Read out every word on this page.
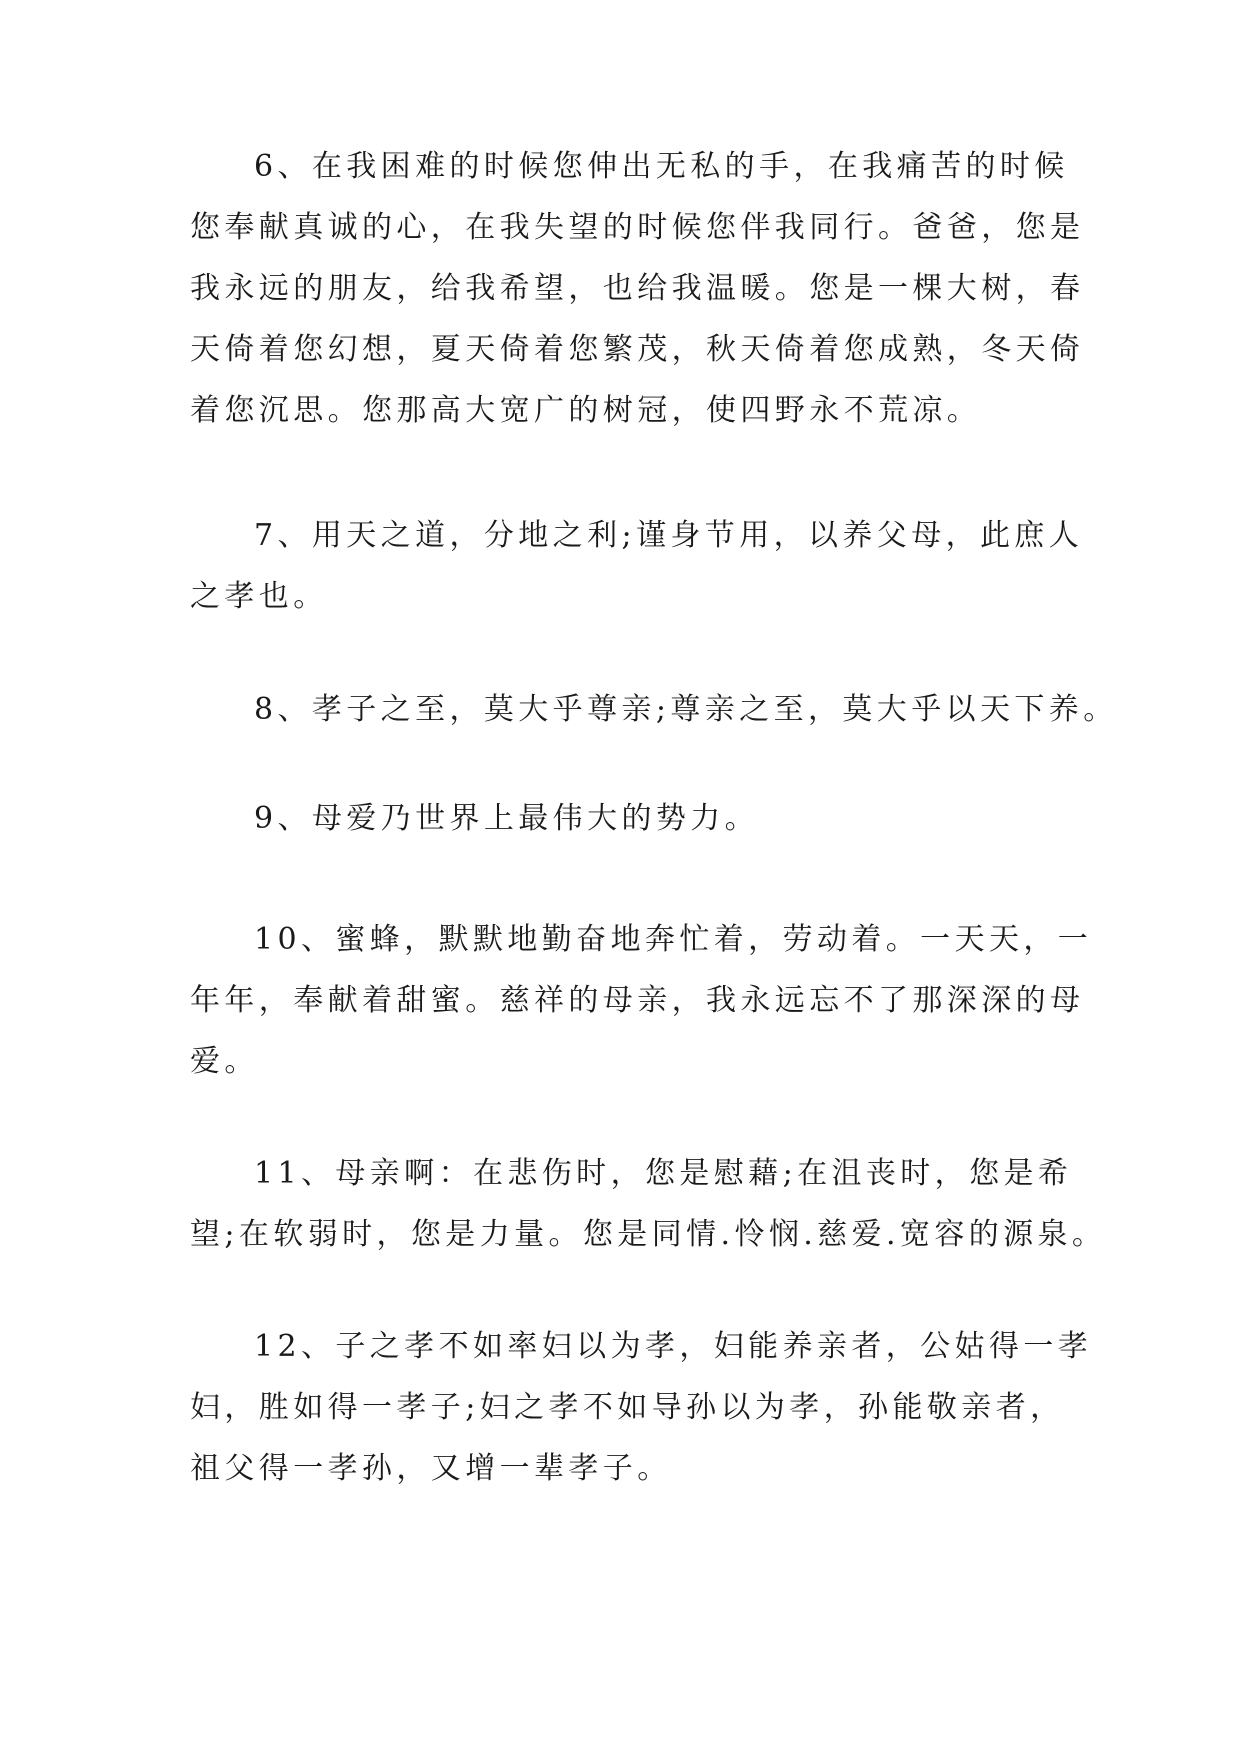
6、在我困难的时候您伸出无私的手，在我痛苦的时候
您奉献真诚的心，在我失望的时候您伴我同行。爸爸，您是
我永远的朋友，给我希望，也给我温暖。您是一棵大树，春
天倚着您幻想，夏天倚着您繁茂，秋天倚着您成熟，冬天倚
着您沉思。您那高大宽广的树冠，使四野永不荒凉。
7、用天之道，分地之利;谨身节用，以养父母，此庶人
之孝也。
8、孝子之至，莫大乎尊亲;尊亲之至，莫大乎以天下养。
9、母爱乃世界上最伟大的势力。
10、蜜蜂，默默地勤奋地奔忙着，劳动着。一天天，一
年年，奉献着甜蜜。慈祥的母亲，我永远忘不了那深深的母
爱。
11、母亲啊：在悲伤时，您是慰藉;在沮丧时，您是希
望;在软弱时，您是力量。您是同情.怜悯.慈爱.宽容的源泉。
12、子之孝不如率妇以为孝，妇能养亲者，公姑得一孝
妇，胜如得一孝子;妇之孝不如导孙以为孝，孙能敬亲者，
祖父得一孝孙，又增一辈孝子。
